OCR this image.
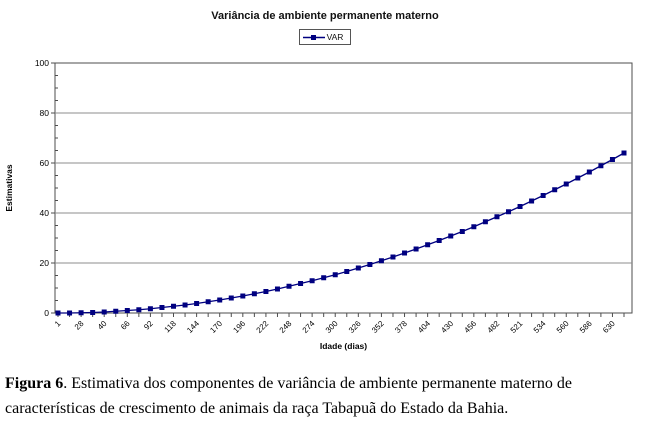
Variância de ambiente permanente materno
VAR
0
20
40
60
80
100
1 28 40 66 92 118 144 170 196 222 248 274 300 326 352 378 404 430 456 482 521 534 560 586 630
Idade (dias)
Estimativas
Figura 6. Estimativa dos componentes de variância de ambiente permanente materno de características de crescimento de animais da raça Tabapuã do Estado da Bahia.
